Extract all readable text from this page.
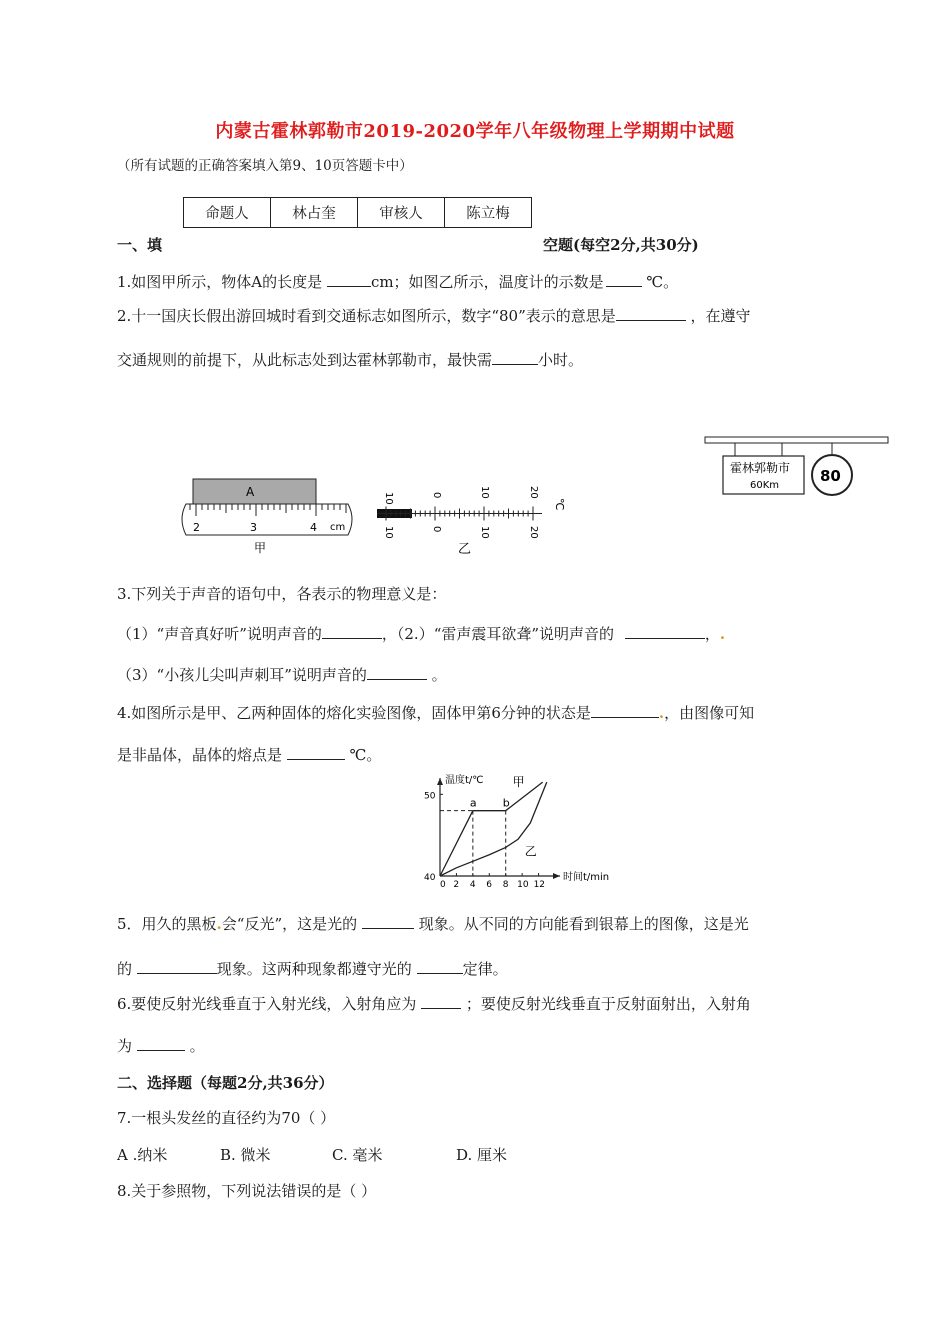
内蒙古霍林郭勒市2019-2020学年八年级物理上学期期中试题
（所有试题的正确答案填入第9、10页答题卡中）
命题人	林占奎	审核人	陈立梅
一、填	空题(每空2分,共30分)
1.如图甲所示，物体A的长度是	cm；如图乙所示，温度计的示数是	℃。
2.十一国庆长假出游回城时看到交通标志如图所示，数字“80”表示的意思是	，在遵守
交通规则的前提下，从此标志处到达霍林郭勒市，最快需	小时。
A
2	3	4 cm
甲
10	0	10	20
℃
10	0	10	20
乙
霍林郭勒市
60Km
80
3.下列关于声音的语句中，各表示的物理意义是：
（1）“声音真好听”说明声音的	，（2.）“雷声震耳欲聋”说明声音的	，.
（3）“小孩儿尖叫声刺耳”说明声音的	。
4.如图所示是甲、乙两种固体的熔化实验图像，固体甲第6分钟的状态是	.，由图像可知
是非晶体，晶体的熔点是	℃。
温度t/℃
时间t/min
甲
乙
a b
0 2 4 6 8 10 12
40
50
5．用久的黑板.会“反光”，这是光的	现象。从不同的方向能看到银幕上的图像，这是光
的	现象。这两种现象都遵守光的	定律。
6.要使反射光线垂直于入射光线，入射角应为	；要使反射光线垂直于反射面射出，入射角
为	。
二、选择题（每题2分,共36分）
7.一根头发丝的直径约为70（ ）
A .纳米	B. 微米	C. 毫米	D. 厘米
8.关于参照物，下列说法错误的是（ ）
